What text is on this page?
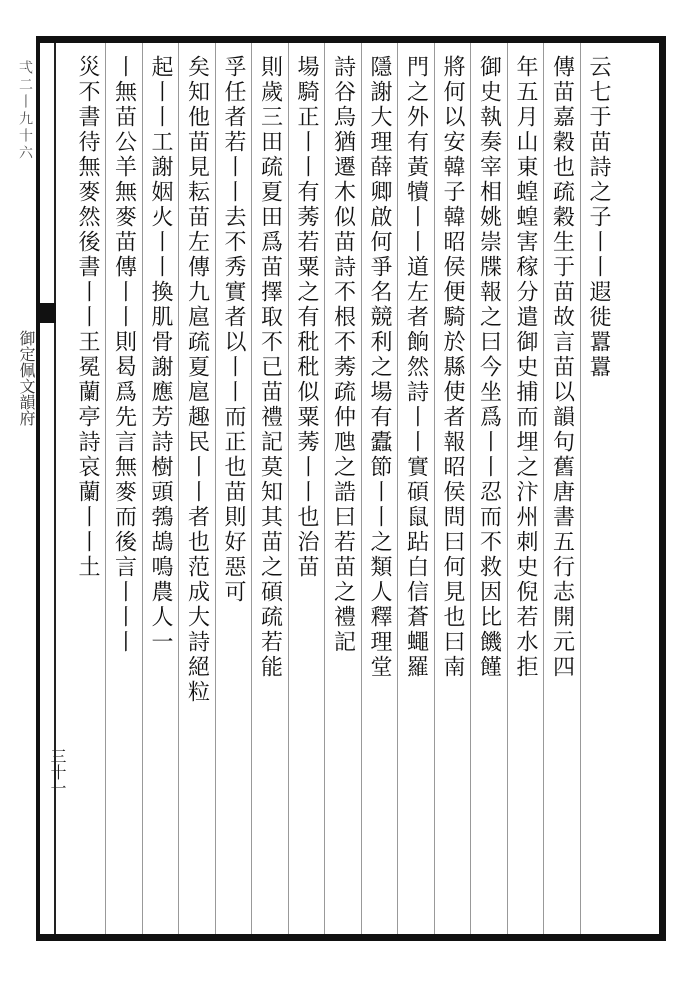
弌二丨九十六
御定佩文韻府
三十一
云七于苗詩之子丨丨遐徙囂囂
傳苗嘉穀也疏穀生于苗故言苗以韻句舊唐書五行志開元四
年五月山東蝗蝗害稼分遣御史捕而埋之汴州刺史倪若水拒
御史執奏宰相姚崇牒報之曰今坐爲丨丨忍而不救因比饑饉
將何以安韓子韓昭侯便騎於縣使者報昭侯問曰何見也曰南
門之外有黃犢丨丨道左者餉然詩丨丨實碩鼠跕白信蒼蠅羅
隱謝大理薛卿啟何爭名競利之場有蠹節丨丨之類人釋理堂
詩谷烏猶遷木似苗詩不根不莠疏仲虺之誥曰若苗之禮記
場騎正丨丨有莠若粟之有秕秕似粟莠丨丨也治苗
則歲三田疏夏田爲苗擇取不已苗禮記莫知其苗之碩疏若能
孚任者若丨丨去不秀實者以丨丨而正也苗則好惡可
矣知他苗見耘苗左傳九扈疏夏扈趣民丨丨者也范成大詩絕粒
起丨丨工謝姻火丨丨換肌骨謝應芳詩樹頭鵓鴣鳴農人一
丨無苗公羊無麥苗傳丨丨則曷爲先言無麥而後言丨丨丨
災不書待無麥然後書丨丨王冕蘭亭詩哀蘭丨丨土
